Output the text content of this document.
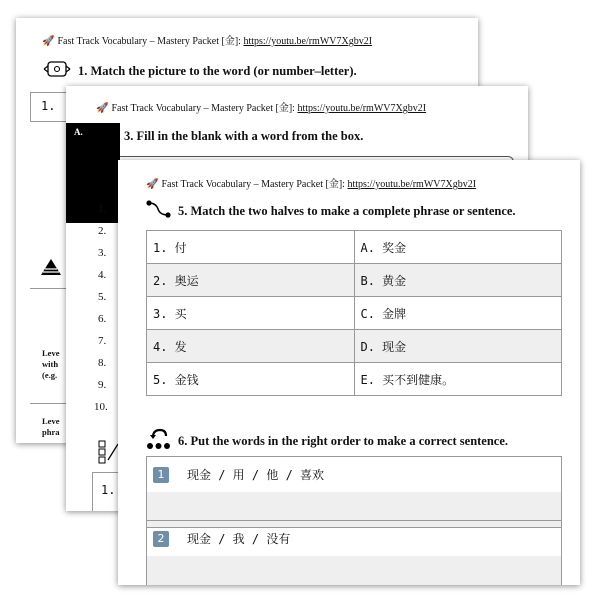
🚀 Fast Track Vocabulary – Mastery Packet [金]: https://youtu.be/rmWV7Xgbv2I
1. Match the picture to the word (or number–letter).
1.
Leve
with
(e.g.
Leve
phra
🚀 Fast Track Vocabulary – Mastery Packet [金]: https://youtu.be/rmWV7Xgbv2I
3. Fill in the blank with a word from the box.
A.
1.
2.
3.
4.
5.
6.
7.
8.
9.
10.
1.
🚀 Fast Track Vocabulary – Mastery Packet [金]: https://youtu.be/rmWV7Xgbv2I
5. Match the two halves to make a complete phrase or sentence.
1. 付	A. 奖金
2. 奥运	B. 黄金
3. 买	C. 金牌
4. 发	D. 现金
5. 金钱	E. 买不到健康。
6. Put the words in the right order to make a correct sentence.
1	现金 / 用 / 他 / 喜欢
2	现金 / 我 / 没有
